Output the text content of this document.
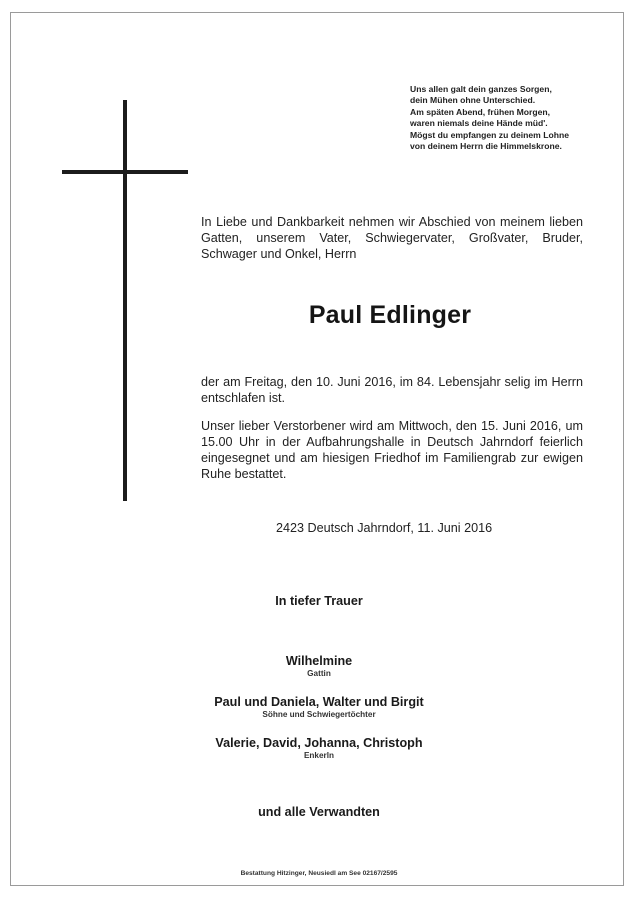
Uns allen galt dein ganzes Sorgen,
dein Mühen ohne Unterschied.
Am späten Abend, frühen Morgen,
waren niemals deine Hände müd'.
Mögst du empfangen zu deinem Lohne
von deinem Herrn die Himmelskrone.
In Liebe und Dankbarkeit nehmen wir Abschied von meinem lieben Gatten, unserem Vater, Schwiegervater, Großvater, Bruder, Schwager und Onkel, Herrn
Paul Edlinger
der am Freitag, den 10. Juni 2016, im 84. Lebensjahr selig im Herrn entschlafen ist.
Unser lieber Verstorbener wird am Mittwoch, den 15. Juni 2016, um 15.00 Uhr in der Aufbahrungshalle in Deutsch Jahrndorf feierlich eingesegnet und am hiesigen Friedhof im Familiengrab zur ewigen Ruhe bestattet.
2423 Deutsch Jahrndorf, 11. Juni 2016
In tiefer Trauer
Wilhelmine
Gattin
Paul und Daniela, Walter und Birgit
Söhne und Schwiegertöchter
Valerie, David, Johanna, Christoph
Enkerln
und alle Verwandten
Bestattung Hitzinger, Neusiedl am See 02167/2595
